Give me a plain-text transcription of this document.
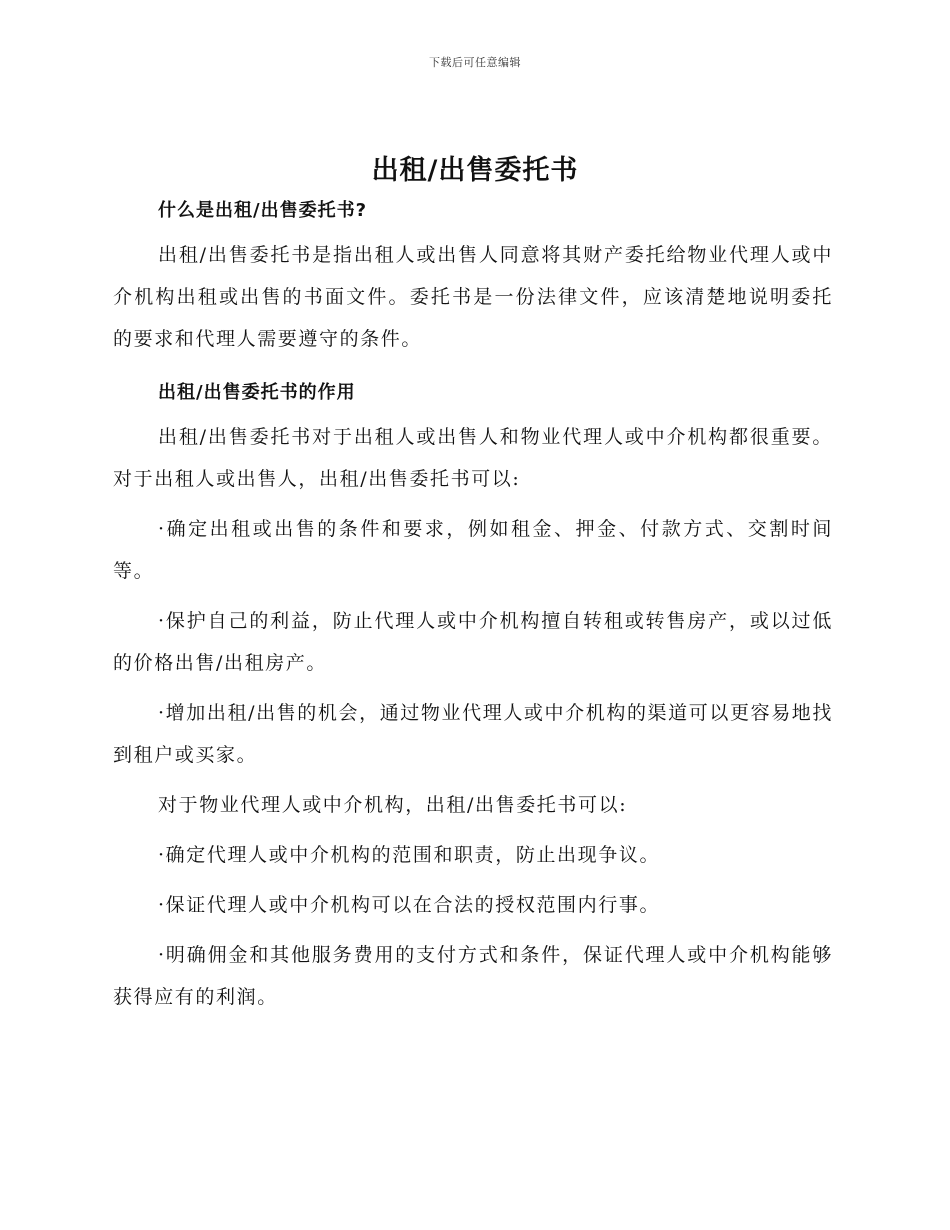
下载后可任意编辑
出租/出售委托书

什么是出租/出售委托书?

出租/出售委托书是指出租人或出售人同意将其财产委托给物业代理人或中介机构出租或出售的书面文件。委托书是一份法律文件，应该清楚地说明委托的要求和代理人需要遵守的条件。

出租/出售委托书的作用

出租/出售委托书对于出租人或出售人和物业代理人或中介机构都很重要。对于出租人或出售人，出租/出售委托书可以:

·确定出租或出售的条件和要求，例如租金、押金、付款方式、交割时间等。

·保护自己的利益，防止代理人或中介机构擅自转租或转售房产，或以过低的价格出售/出租房产。

·增加出租/出售的机会，通过物业代理人或中介机构的渠道可以更容易地找到租户或买家。

对于物业代理人或中介机构，出租/出售委托书可以:

·确定代理人或中介机构的范围和职责，防止出现争议。

·保证代理人或中介机构可以在合法的授权范围内行事。

·明确佣金和其他服务费用的支付方式和条件，保证代理人或中介机构能够获得应有的利润。
